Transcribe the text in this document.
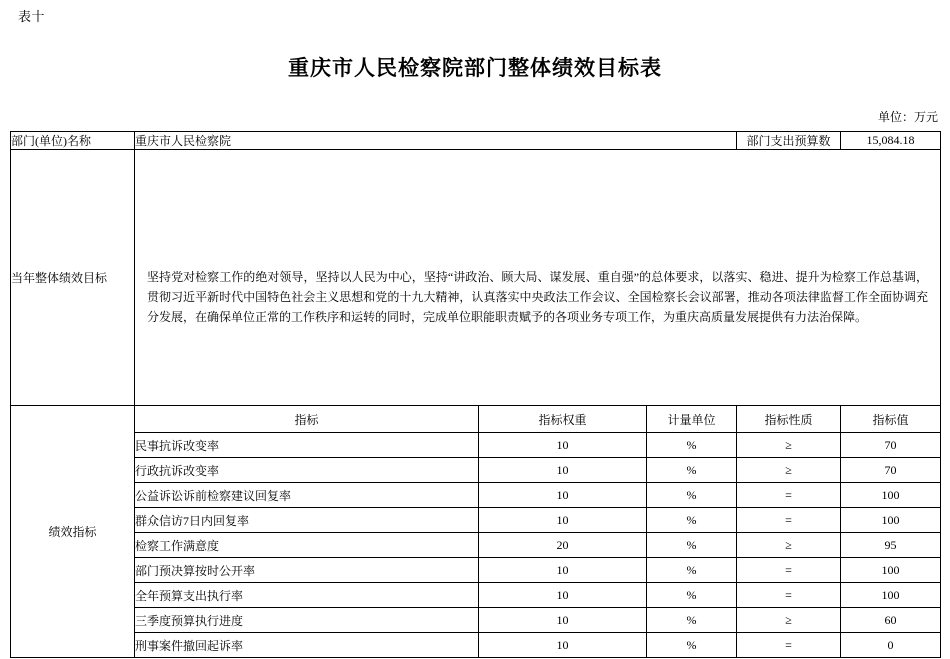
表十
重庆市人民检察院部门整体绩效目标表
单位：万元
部门(单位)名称	重庆市人民检察院			部门支出预算数	15,084.18
当年整体绩效目标	坚持党对检察工作的绝对领导，坚持以人民为中心，坚持“讲政治、顾大局、谋发展、重自强”的总体要求，以落实、稳进、提升为检察工作总基调，贯彻习近平新时代中国特色社会主义思想和党的十九大精神，认真落实中央政法工作会议、全国检察长会议部署，推动各项法律监督工作全面协调充分发展，在确保单位正常的工作秩序和运转的同时，完成单位职能职责赋予的各项业务专项工作，为重庆高质量发展提供有力法治保障。				

绩效指标	指标	指标权重	计量单位	指标性质	指标值
	民事抗诉改变率	10	%	≥	70
	行政抗诉改变率	10	%	≥	70
	公益诉讼诉前检察建议回复率	10	%	=	100
	群众信访7日内回复率	10	%	=	100
	检察工作满意度	20	%	≥	95
	部门预决算按时公开率	10	%	=	100
	全年预算支出执行率	10	%	=	100
	三季度预算执行进度	10	%	≥	60
	刑事案件撤回起诉率	10	%	=	0
